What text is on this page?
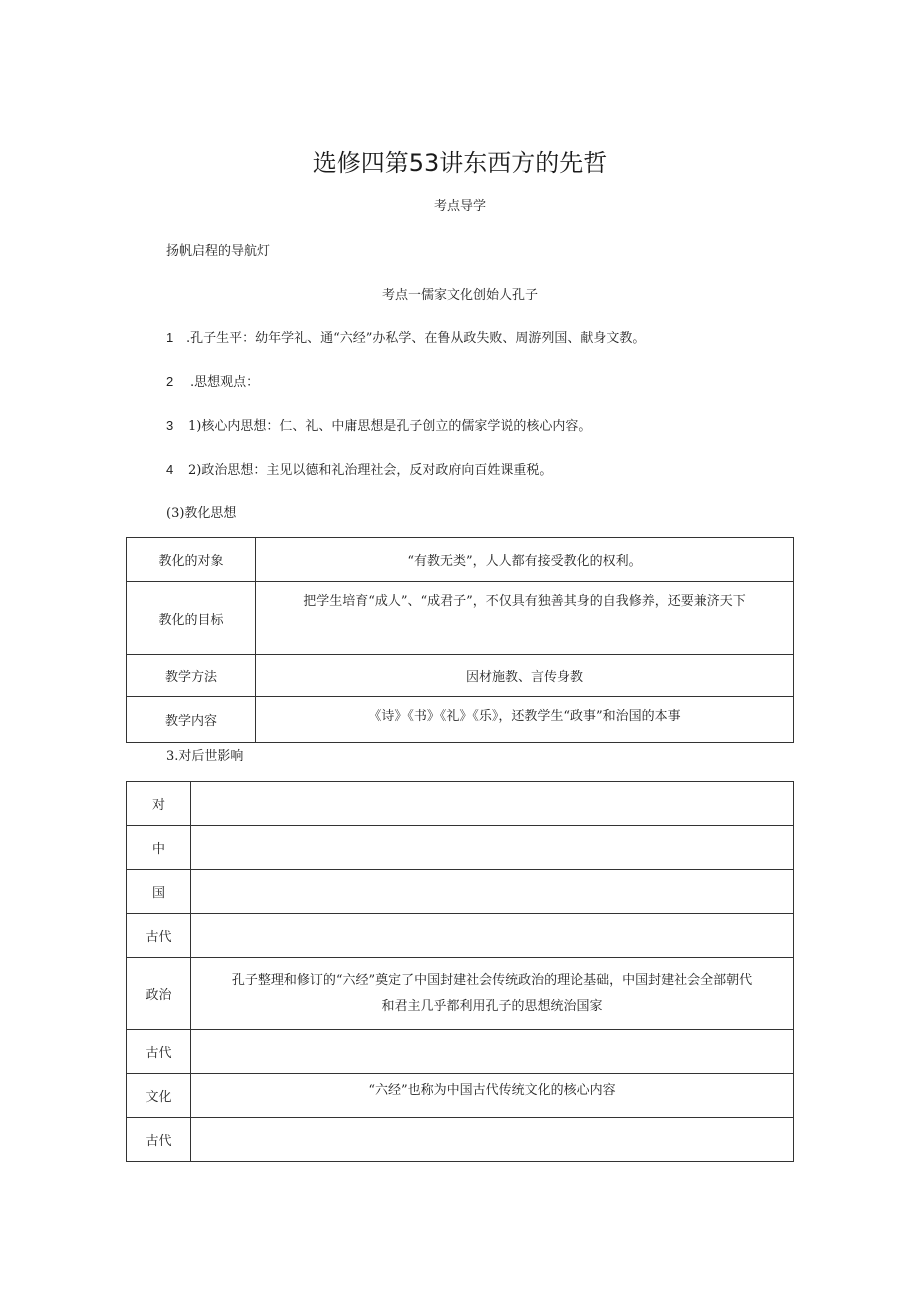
选修四第53讲东西方的先哲
考点导学
扬帆启程的导航灯
考点一儒家文化创始人孔子
1 .孔子生平：幼年学礼、通“六经”办私学、在鲁从政失败、周游列国、献身文教。
2 .思想观点：
3 1)核心内思想：仁、礼、中庸思想是孔子创立的儒家学说的核心内容。
4 2)政治思想：主见以德和礼治理社会，反对政府向百姓课重税。
(3)教化思想
教化的对象	“有教无类”，人人都有接受教化的权利。
教化的目标	把学生培育“成人”、“成君子”，不仅具有独善其身的自我修养，还要兼济天下
教学方法	因材施教、言传身教
教学内容	《诗》《书》《礼》《乐》，还教学生“政事”和治国的本事
3.对后世影响
对	
中	
国	
古代	
政治	孔子整理和修订的“六经”奠定了中国封建社会传统政治的理论基础，中国封建社会全部朝代
和君主几乎都利用孔子的思想统治国家

古代	
文化	“六经”也称为中国古代传统文化的核心内容
古代	
